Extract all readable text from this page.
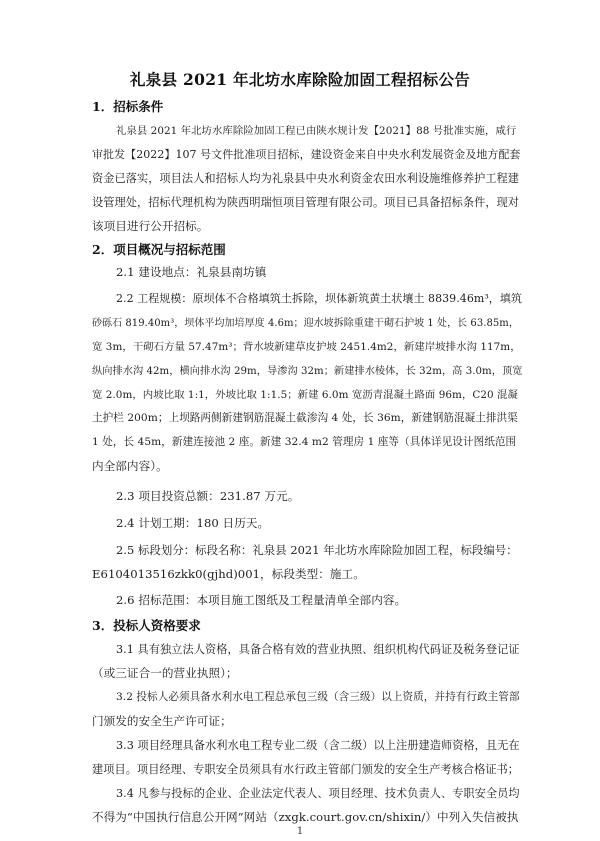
礼泉县 2021 年北坊水库除险加固工程招标公告
1．招标条件
礼泉县 2021 年北坊水库除险加固工程已由陕水规计发【2021】88 号批准实施，咸行
审批发【2022】107 号文件批准项目招标，建设资金来自中央水利发展资金及地方配套
资金已落实，项目法人和招标人均为礼泉县中央水利资金农田水利设施维修养护工程建
设管理处，招标代理机构为陕西明瑞恒项目管理有限公司。项目已具备招标条件，现对
该项目进行公开招标。
2．项目概况与招标范围
2.1 建设地点：礼泉县南坊镇
2.2 工程规模：原坝体不合格填筑土拆除，坝体新筑黄土状壤土 8839.46m³，填筑
砂砾石 819.40m³，坝体平均加培厚度 4.6m；迎水坡拆除重建干砌石护坡 1 处，长 63.85m，
宽 3m，干砌石方量 57.47m³；背水坡新建草皮护坡 2451.4m2，新建岸坡排水沟 117m，
纵向排水沟 42m，横向排水沟 29m，导渗沟 32m；新建排水棱体，长 32m，高 3.0m，顶宽
宽 2.0m，内坡比取 1:1，外坡比取 1:1.5；新建 6.0m 宽沥青混凝土路面 96m，C20 混凝
土护栏 200m；上坝路两侧新建钢筋混凝土截渗沟 4 处，长 36m，新建钢筋混凝土排洪渠
1 处，长 45m，新建连接池 2 座。新建 32.4 m2 管理房 1 座等（具体详见设计图纸范围
内全部内容）。
2.3 项目投资总额：231.87 万元。
2.4 计划工期：180 日历天。
2.5 标段划分：标段名称：礼泉县 2021 年北坊水库除险加固工程，标段编号：
E6104013516zkk0(gjhd)001，标段类型：施工。
2.6 招标范围：本项目施工图纸及工程量清单全部内容。
3．投标人资格要求
3.1 具有独立法人资格，具备合格有效的营业执照、组织机构代码证及税务登记证
（或三证合一的营业执照）；
3.2 投标人必须具备水利水电工程总承包三级（含三级）以上资质，并持有行政主管部
门颁发的安全生产许可证；
3.3 项目经理具备水利水电工程专业二级（含二级）以上注册建造师资格，且无在
建项目。项目经理、专职安全员须具有水行政主管部门颁发的安全生产考核合格证书；
3.4 凡参与投标的企业、企业法定代表人、项目经理、技术负责人、专职安全员均
不得为“中国执行信息公开网”网站（zxgk.court.gov.cn/shixin/）中列入失信被执
1
